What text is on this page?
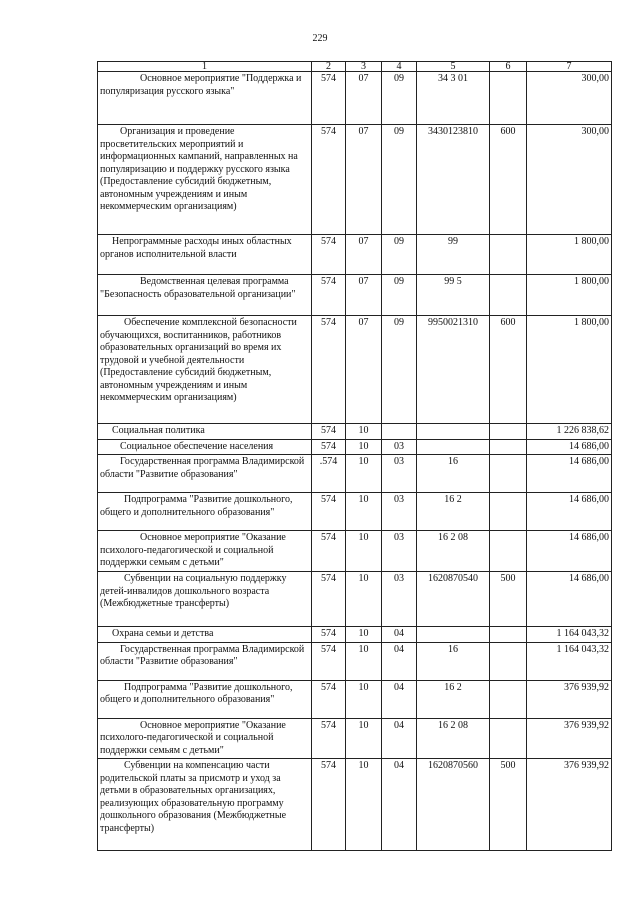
229
1	2	3	4	5	6	7
Основное мероприятие "Поддержка и популяризация русского языка"	574	07	09	34 3 01		300,00
Организация и проведение просветительских мероприятий и информационных кампаний, направленных на популяризацию и поддержку русского языка (Предоставление субсидий бюджетным, автономным учреждениям и иным некоммерческим организациям)	574	07	09	3430123810	600	300,00
Непрограммные расходы иных областных органов исполнительной власти	574	07	09	99		1 800,00
Ведомственная целевая программа "Безопасность образовательной организации"	574	07	09	99 5		1 800,00
Обеспечение комплексной безопасности обучающихся, воспитанников, работников образовательных организаций во время их трудовой и учебной деятельности (Предоставление субсидий бюджетным, автономным учреждениям и иным некоммерческим организациям)	574	07	09	9950021310	600	1 800,00
Социальная политика	574	10				1 226 838,62
Социальное обеспечение населения	574	10	03			14 686,00
Государственная программа Владимирской области "Развитие образования"	.574	10	03	16		14 686,00
Подпрограмма "Развитие дошкольного, общего и дополнительного образования"	574	10	03	16 2		14 686,00
Основное мероприятие "Оказание психолого-педагогической и социальной поддержки семьям с детьми"	574	10	03	16 2 08		14 686,00
Субвенции на социальную поддержку детей-инвалидов дошкольного возраста (Межбюджетные трансферты)	574	10	03	1620870540	500	14 686,00
Охрана семьи и детства	574	10	04			1 164 043,32
Государственная программа Владимирской области "Развитие образования"	574	10	04	16		1 164 043,32
Подпрограмма "Развитие дошкольного, общего и дополнительного образования"	574	10	04	16 2		376 939,92
Основное мероприятие "Оказание психолого-педагогической и социальной поддержки семьям с детьми"	574	10	04	16 2 08		376 939,92
Субвенции на компенсацию части родительской платы за присмотр и уход за детьми в образовательных организациях, реализующих образовательную программу дошкольного образования (Межбюджетные трансферты)	574	10	04	1620870560	500	376 939,92
